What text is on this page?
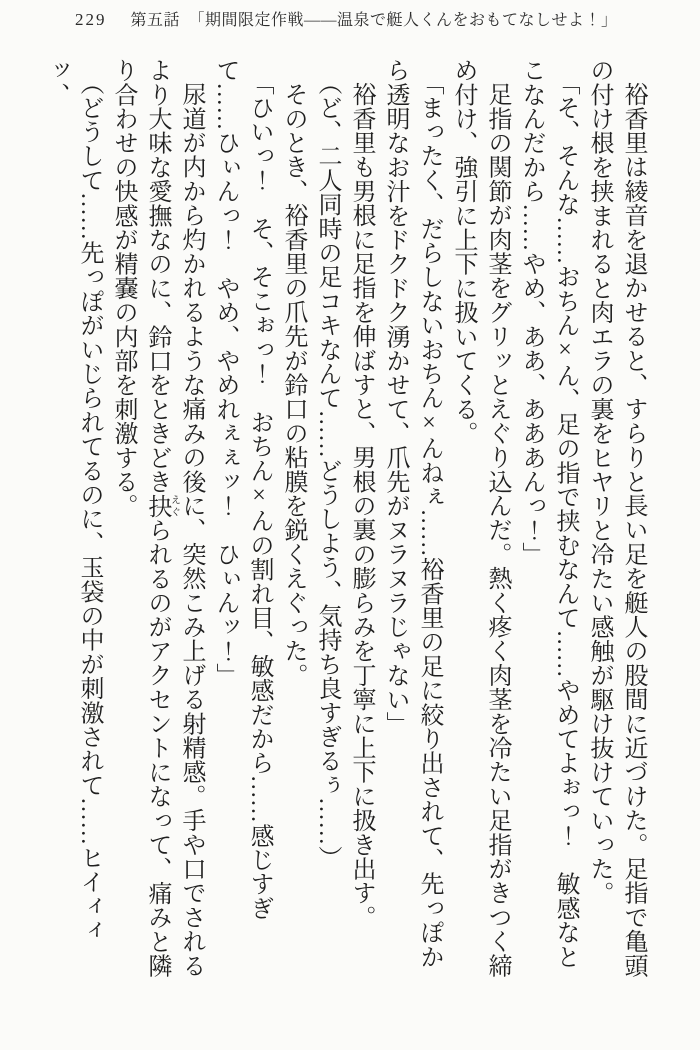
229 第五話　「期間限定作戦――温泉で艇人くんをおもてなしせよ！」

裕香里は綾音を退かせると、すらりと長い足を艇人の股間に近づけた。足指で亀頭の付け根を挟まれると肉エラの裏をヒヤリと冷たい感触が駆け抜けていった。

「そ、そんな……おちん×ん、足の指で挟むなんて……やめてよぉっ！　敏感なとこなんだから……やめ、ああ、あああんっ！」

足指の関節が肉茎をグリッとえぐり込んだ。熱く疼く肉茎を冷たい足指がきつく締め付け、強引に上下に扱いてくる。

「まったく、だらしないおちん×んねぇ……裕香里の足に絞り出されて、先っぽから透明なお汁をドクドク湧かせて、爪先がヌラヌラじゃない」

裕香里も男根に足指を伸ばすと、男根の裏の膨らみを丁寧に上下に扱き出す。

（ど、二人同時の足コキなんて……どうしよう、気持ち良すぎるぅ……）

そのとき、裕香里の爪先が鈴口の粘膜を鋭くえぐった。

「ひいっ！　そ、そこぉっ！　おちん×んの割れ目、敏感だから……感じすぎて……ひぃんっ！　やめ、やめれぇぇッ！　ひぃんッ！」

尿道が内から灼かれるような痛みの後に、突然こみ上げる射精感。手や口でされるより大味な愛撫なのに、鈴口をときどき抉えぐられるのがアクセントになって、痛みと隣り合わせの快感が精嚢の内部を刺激する。

（どうして……先っぽがいじられてるのに、玉袋の中が刺激されて……ヒイィィッ、
